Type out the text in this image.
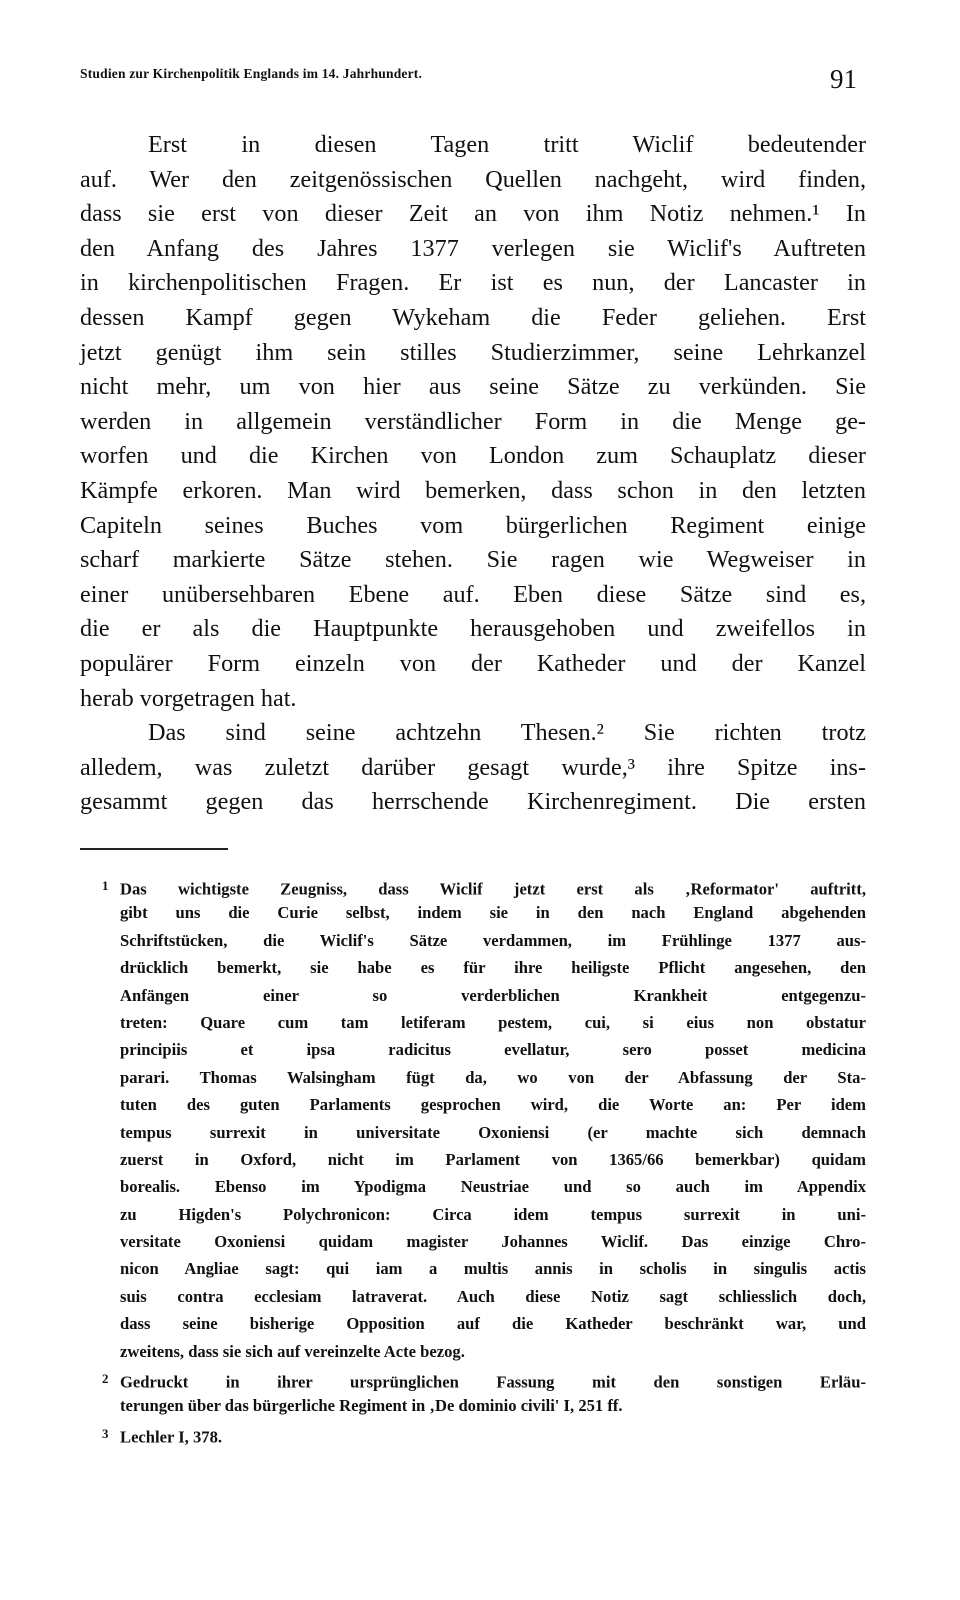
Studien zur Kirchenpolitik Englands im 14. Jahrhundert.	91
Erst in diesen Tagen tritt Wiclif bedeutender
auf. Wer den zeitgenössischen Quellen nachgeht, wird finden,
dass sie erst von dieser Zeit an von ihm Notiz nehmen.¹ In
den Anfang des Jahres 1377 verlegen sie Wiclif's Auftreten
in kirchenpolitischen Fragen. Er ist es nun, der Lancaster in
dessen Kampf gegen Wykeham die Feder geliehen. Erst
jetzt genügt ihm sein stilles Studierzimmer, seine Lehrkanzel
nicht mehr, um von hier aus seine Sätze zu verkünden. Sie
werden in allgemein verständlicher Form in die Menge ge-
worfen und die Kirchen von London zum Schauplatz dieser
Kämpfe erkoren. Man wird bemerken, dass schon in den letzten
Capiteln seines Buches vom bürgerlichen Regiment einige
scharf markierte Sätze stehen. Sie ragen wie Wegweiser in
einer unübersehbaren Ebene auf. Eben diese Sätze sind es,
die er als die Hauptpunkte herausgehoben und zweifellos in
populärer Form einzeln von der Katheder und der Kanzel
herab vorgetragen hat.
Das sind seine achtzehn Thesen.² Sie richten trotz
alledem, was zuletzt darüber gesagt wurde,³ ihre Spitze ins-
gesammt gegen das herrschende Kirchenregiment. Die ersten
1 Das wichtigste Zeugniss, dass Wiclif jetzt erst als ‚Reformator' auftritt,
gibt uns die Curie selbst, indem sie in den nach England abgehenden
Schriftstücken, die Wiclif's Sätze verdammen, im Frühlinge 1377 aus-
drücklich bemerkt, sie habe es für ihre heiligste Pflicht angesehen, den
Anfängen einer so verderblichen Krankheit entgegenzu-
treten: Quare cum tam letiferam pestem, cui, si eius non obstatur
principiis et ipsa radicitus evellatur, sero posset medicina
parari. Thomas Walsingham fügt da, wo von der Abfassung der Sta-
tuten des guten Parlaments gesprochen wird, die Worte an: Per idem
tempus surrexit in universitate Oxoniensi (er machte sich demnach
zuerst in Oxford, nicht im Parlament von 1365/66 bemerkbar) quidam
borealis. Ebenso im Ypodigma Neustriae und so auch im Appendix
zu Higden's Polychronicon: Circa idem tempus surrexit in uni-
versitate Oxoniensi quidam magister Johannes Wiclif. Das einzige Chro-
nicon Angliae sagt: qui iam a multis annis in scholis in singulis actis
suis contra ecclesiam latraverat. Auch diese Notiz sagt schliesslich doch,
dass seine bisherige Opposition auf die Katheder beschränkt war, und
zweitens, dass sie sich auf vereinzelte Acte bezog.
2 Gedruckt in ihrer ursprünglichen Fassung mit den sonstigen Erläu-
terungen über das bürgerliche Regiment in ‚De dominio civili' I, 251 ff.
3 Lechler I, 378.
